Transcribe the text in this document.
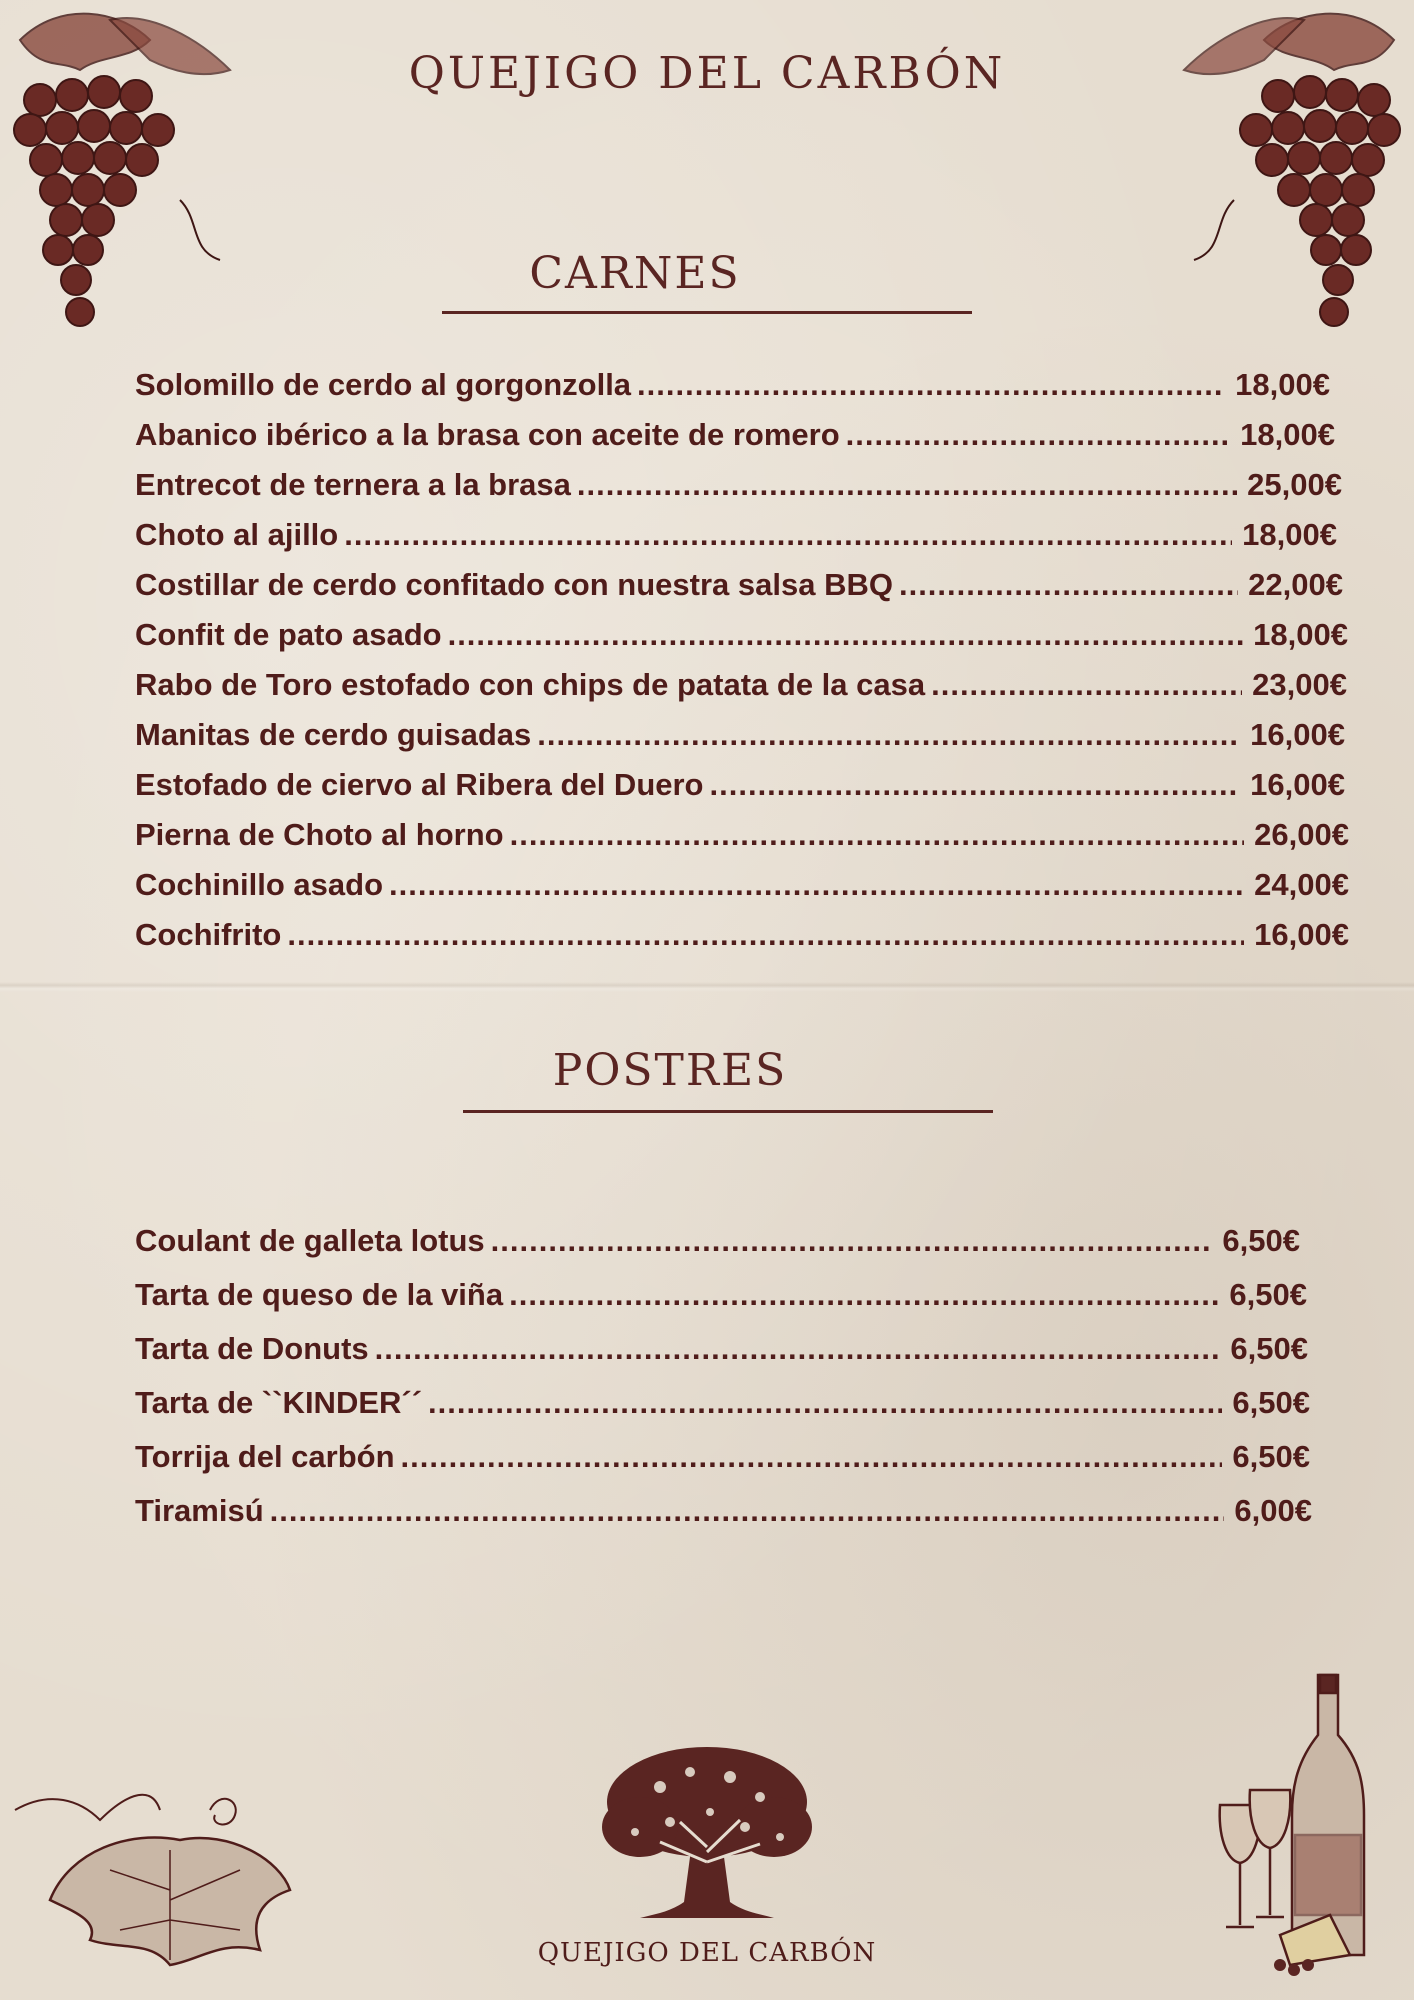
QUEJIGO DEL CARBÓN
CARNES
Solomillo de cerdo al gorgonzolla .....	18,00€
Abanico ibérico a la brasa con aceite de romero .....	18,00€
Entrecot de ternera a la brasa .....	25,00€
Choto al ajillo .....	18,00€
Costillar de cerdo confitado con nuestra salsa BBQ .....	22,00€
Confit de pato asado .....	18,00€
Rabo de Toro estofado con chips de patata de la casa .....	23,00€
Manitas de cerdo guisadas .....	16,00€
Estofado de ciervo al Ribera del Duero .....	16,00€
Pierna de Choto al horno .....	26,00€
Cochinillo asado .....	24,00€
Cochifrito .....	16,00€
POSTRES
Coulant de galleta lotus .....	6,50€
Tarta de queso de la viña .....	6,50€
Tarta de Donuts .....	6,50€
Tarta de ``KINDER´´ .....	6,50€
Torrija del carbón .....	6,50€
Tiramisú .....	6,00€
QUEJIGO DEL CARBÓN
